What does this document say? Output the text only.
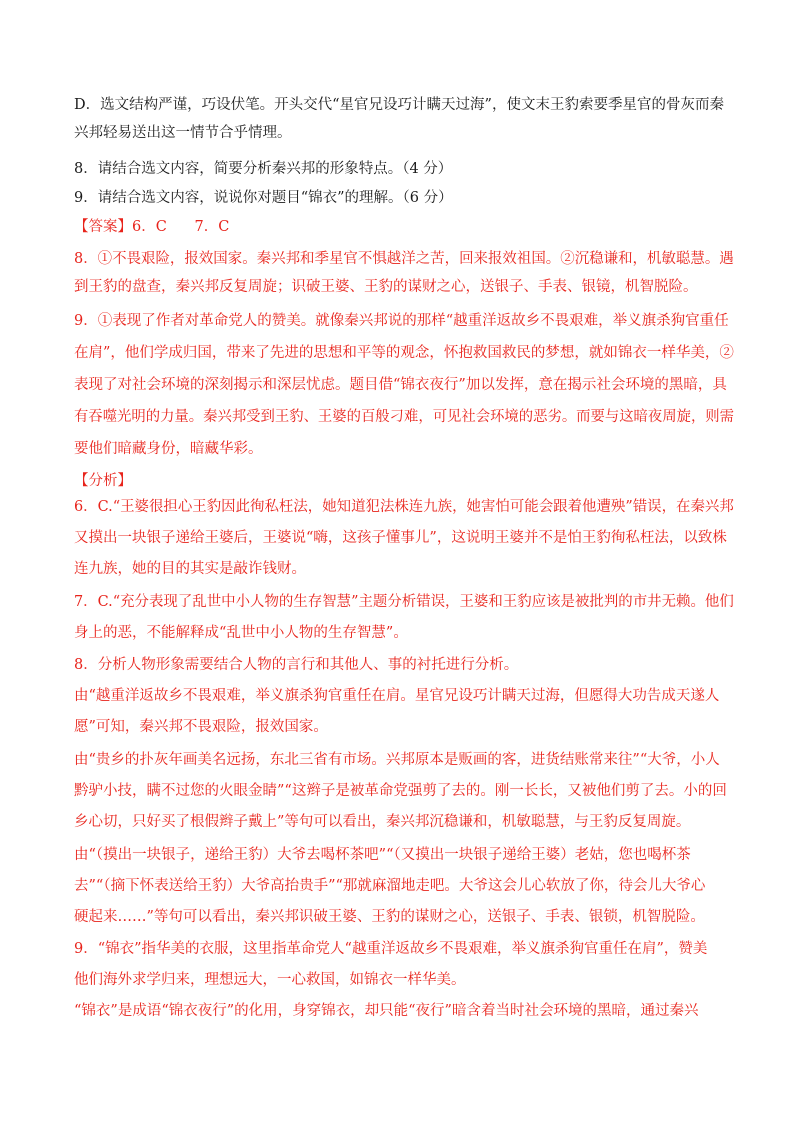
D．选文结构严谨，巧设伏笔。开头交代“星官兄设巧计瞒天过海”，使文末王豹索要季星官的骨灰而秦
兴邦轻易送出这一情节合乎情理。
8．请结合选文内容，简要分析秦兴邦的形象特点。（4 分）
9．请结合选文内容，说说你对题目“锦衣”的理解。（6 分）
【答案】6．C      7．C
8．①不畏艰险，报效国家。秦兴邦和季星官不惧越洋之苦，回来报效祖国。②沉稳谦和，机敏聪慧。遇
到王豹的盘查，秦兴邦反复周旋；识破王婆、王豹的谋财之心，送银子、手表、银镜，机智脱险。
9．①表现了作者对革命党人的赞美。就像秦兴邦说的那样“越重洋返故乡不畏艰难，举义旗杀狗官重任
在肩”，他们学成归国，带来了先进的思想和平等的观念，怀抱救国救民的梦想，就如锦衣一样华美，②
表现了对社会环境的深刻揭示和深层忧虑。题目借“锦衣夜行”加以发挥，意在揭示社会环境的黑暗，具
有吞噬光明的力量。秦兴邦受到王豹、王婆的百般刁难，可见社会环境的恶劣。而要与这暗夜周旋，则需
要他们暗藏身份，暗藏华彩。
【分析】
6．C.“王婆很担心王豹因此徇私枉法，她知道犯法株连九族，她害怕可能会跟着他遭殃”错误，在秦兴邦
又摸出一块银子递给王婆后，王婆说“嗨，这孩子懂事儿”，这说明王婆并不是怕王豹徇私枉法，以致株
连九族，她的目的其实是敲诈钱财。
7．C.“充分表现了乱世中小人物的生存智慧”主题分析错误，王婆和王豹应该是被批判的市井无赖。他们
身上的恶，不能解释成“乱世中小人物的生存智慧”。
8．分析人物形象需要结合人物的言行和其他人、事的衬托进行分析。
由“越重洋返故乡不畏艰难，举义旗杀狗官重任在肩。星官兄设巧计瞒天过海，但愿得大功告成天遂人
愿”可知，秦兴邦不畏艰险，报效国家。
由“贵乡的扑灰年画美名远扬，东北三省有市场。兴邦原本是贩画的客，进货结账常来往”“大爷，小人
黔驴小技，瞒不过您的火眼金睛”“这辫子是被革命党强剪了去的。刚一长长，又被他们剪了去。小的回
乡心切，只好买了根假辫子戴上”等句可以看出，秦兴邦沉稳谦和，机敏聪慧，与王豹反复周旋。
由“（摸出一块银子，递给王豹）大爷去喝杯茶吧”“（又摸出一块银子递给王婆）老姑，您也喝杯茶
去”“（摘下怀表送给王豹）大爷高抬贵手”“那就麻溜地走吧。大爷这会儿心软放了你，待会儿大爷心
硬起来……”等句可以看出，秦兴邦识破王婆、王豹的谋财之心，送银子、手表、银锁，机智脱险。
9．“锦衣”指华美的衣服，这里指革命党人“越重洋返故乡不畏艰难，举义旗杀狗官重任在肩”，赞美
他们海外求学归来，理想远大，一心救国，如锦衣一样华美。
“锦衣”是成语“锦衣夜行”的化用，身穿锦衣，却只能“夜行”暗含着当时社会环境的黑暗，通过秦兴
